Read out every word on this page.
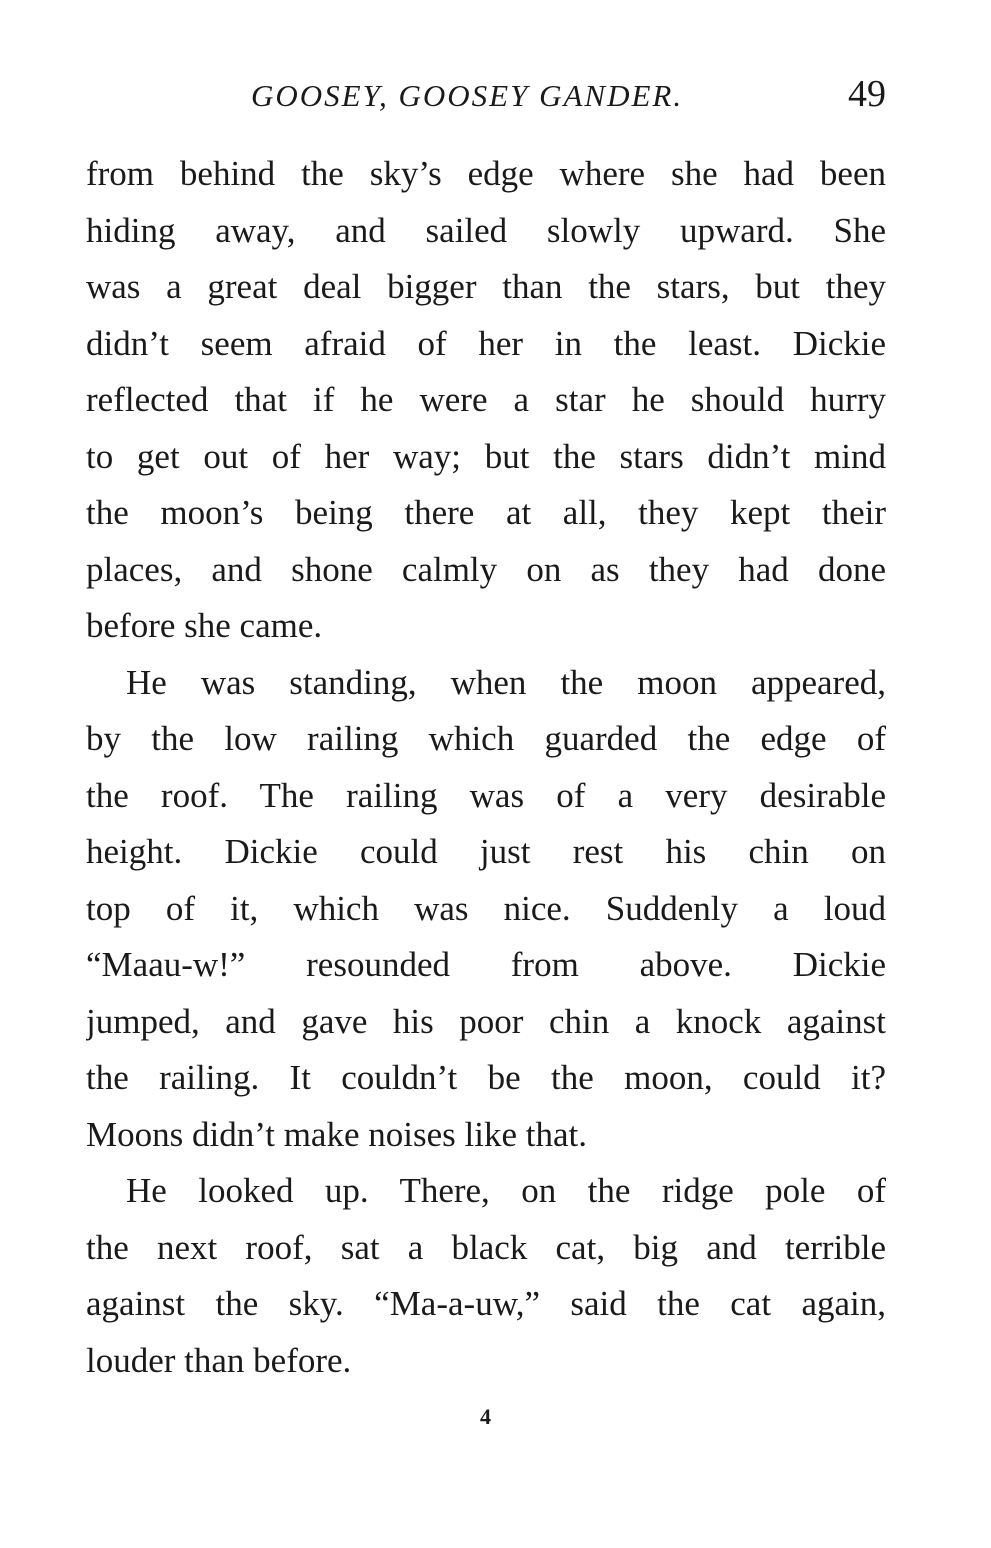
GOOSEY, GOOSEY GANDER.	49
from behind the sky’s edge where she had been
hiding away, and sailed slowly upward. She
was a great deal bigger than the stars, but they
didn’t seem afraid of her in the least. Dickie
reflected that if he were a star he should hurry
to get out of her way; but the stars didn’t mind
the moon’s being there at all, they kept their
places, and shone calmly on as they had done
before she came.
He was standing, when the moon appeared,
by the low railing which guarded the edge of
the roof. The railing was of a very desirable
height. Dickie could just rest his chin on
top of it, which was nice. Suddenly a loud
“Maau-w!” resounded from above. Dickie
jumped, and gave his poor chin a knock against
the railing. It couldn’t be the moon, could it?
Moons didn’t make noises like that.
He looked up. There, on the ridge pole of
the next roof, sat a black cat, big and terrible
against the sky. “Ma-a-uw,” said the cat again,
louder than before.
4
